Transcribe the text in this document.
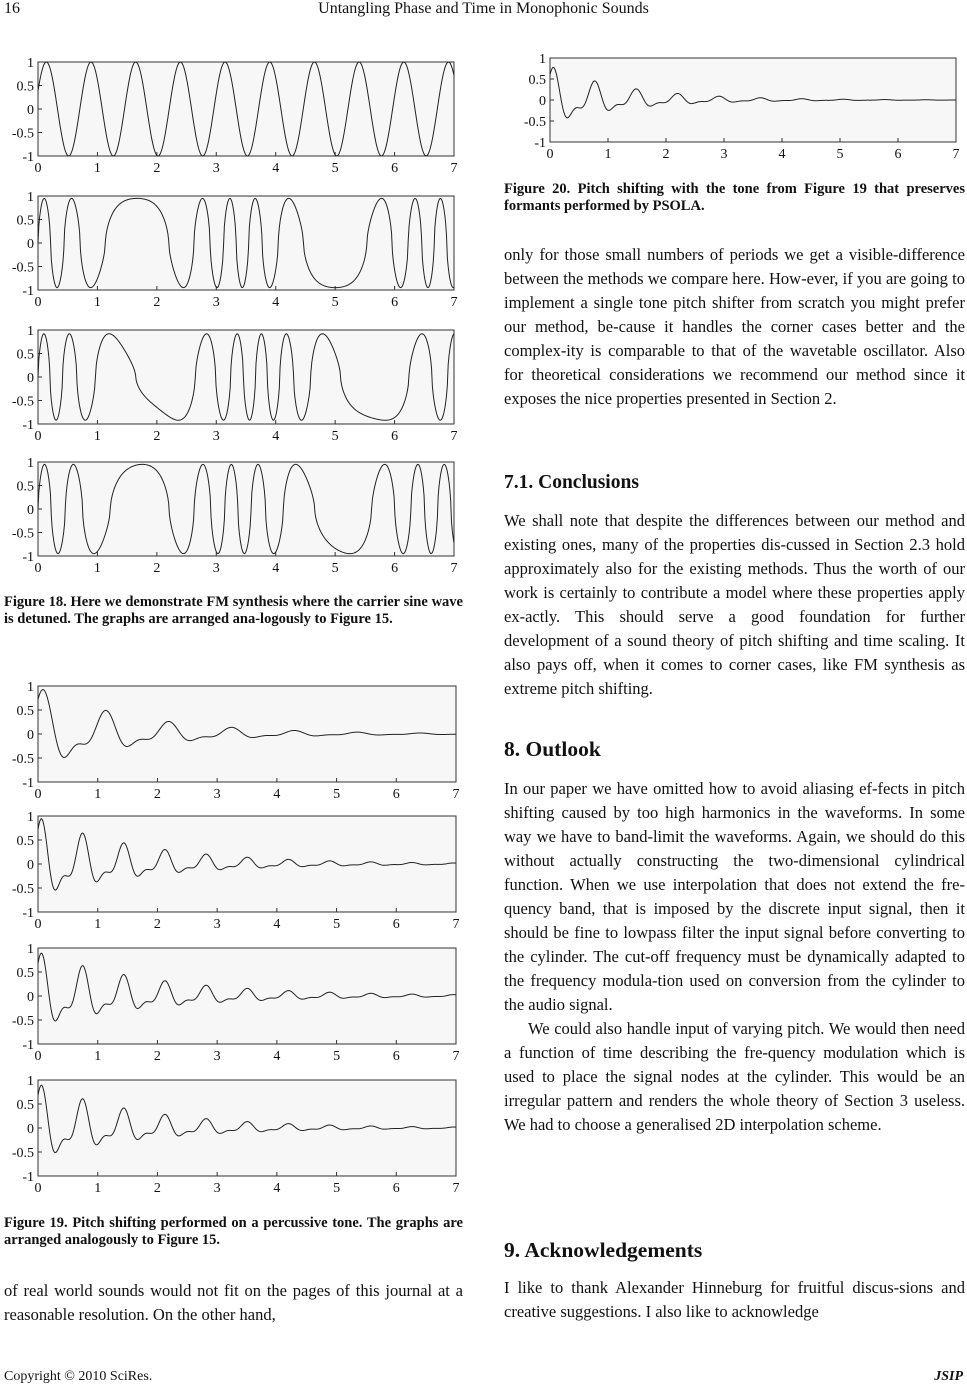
16	Untangling Phase and Time in Monophonic Sounds
1
0.5
0
-0.5
-1
0	1	2	3	4	5	6	7
1
0.5
0
-0.5
-1
0	1	2	3	4	5	6	7
1
0.5
0
-0.5
-1
0	1	2	3	4	5	6	7
1
0.5
0
-0.5
-1
0	1	2	3	4	5	6	7
Figure 18. Here we demonstrate FM synthesis where the carrier sine wave is detuned. The graphs are arranged ana-logously to Figure 15.
1
0.5
0
-0.5
-1
0	1	2	3	4	5	6	7
1
0.5
0
-0.5
-1
0	1	2	3	4	5	6	7
1
0.5
0
-0.5
-1
0	1	2	3	4	5	6	7
1
0.5
0
-0.5
-1
0	1	2	3	4	5	6	7
Figure 19. Pitch shifting performed on a percussive tone. The graphs are arranged analogously to Figure 15.

of real world sounds would not fit on the pages of this journal at a reasonable resolution. On the other hand,

1
0.5
0
-0.5
-1
0	1	2	3	4	5	6	7
Figure 20. Pitch shifting with the tone from Figure 19 that preserves formants performed by PSOLA.

only for those small numbers of periods we get a visible-difference between the methods we compare here. How-ever, if you are going to implement a single tone pitch shifter from scratch you might prefer our method, be-cause it handles the corner cases better and the complex-ity is comparable to that of the wavetable oscillator. Also for theoretical considerations we recommend our method since it exposes the nice properties presented in Section 2.

7.1. Conclusions

We shall note that despite the differences between our method and existing ones, many of the properties dis-cussed in Section 2.3 hold approximately also for the existing methods. Thus the worth of our work is certainly to contribute a model where these properties apply ex-actly. This should serve a good foundation for further development of a sound theory of pitch shifting and time scaling. It also pays off, when it comes to corner cases, like FM synthesis as extreme pitch shifting.

8. Outlook

In our paper we have omitted how to avoid aliasing ef-fects in pitch shifting caused by too high harmonics in the waveforms. In some way we have to band-limit the waveforms. Again, we should do this without actually constructing the two-dimensional cylindrical function. When we use interpolation that does not extend the fre-quency band, that is imposed by the discrete input signal, then it should be fine to lowpass filter the input signal before converting to the cylinder. The cut-off frequency must be dynamically adapted to the frequency modula-tion used on conversion from the cylinder to the audio signal.

We could also handle input of varying pitch. We would then need a function of time describing the fre-quency modulation which is used to place the signal nodes at the cylinder. This would be an irregular pattern and renders the whole theory of Section 3 useless. We had to choose a generalised 2D interpolation scheme.

9. Acknowledgements

I like to thank Alexander Hinneburg for fruitful discus-sions and creative suggestions. I also like to acknowledge

Copyright © 2010 SciRes.	JSIP
